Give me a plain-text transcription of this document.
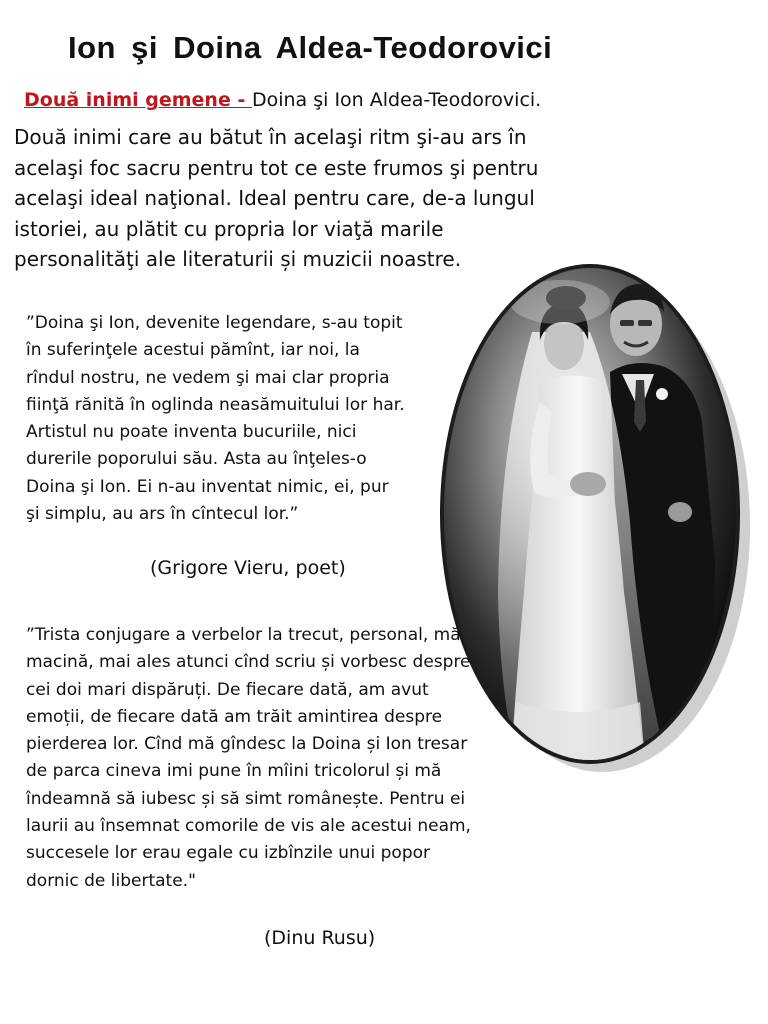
Ion şi Doina Aldea-Teodorovici

Două inimi gemene - Doina şi Ion Aldea-Teodorovici.

Două inimi care au bătut în acelaşi ritm şi-au ars în acelaşi foc sacru pentru tot ce este frumos şi pentru acelaşi ideal naţional. Ideal pentru care, de-a lungul istoriei, au plătit cu propria lor viaţă marile personalităţi ale literaturii și muzicii noastre.

”Doina şi Ion, devenite legendare, s-au topit în suferinţele acestui pămînt, iar noi, la rîndul nostru, ne vedem şi mai clar propria fiinţă rănită în oglinda neasămuitului lor har. Artistul nu poate inventa bucuriile, nici durerile poporului său. Asta au înţeles-o Doina şi Ion. Ei n-au inventat nimic, ei, pur şi simplu, au ars în cîntecul lor.”

(Grigore Vieru, poet)

”Trista conjugare a verbelor la trecut, personal, mă macină, mai ales atunci cînd scriu și vorbesc despre cei doi mari dispăruți. De fiecare dată, am avut emoții, de fiecare dată am trăit amintirea despre pierderea lor. Cînd mă gîndesc la Doina și Ion tresar de parca cineva imi pune în mîini tricolorul și mă îndeamnă să iubesc și să simt românește. Pentru ei laurii au însemnat comorile de vis ale acestui neam, succesele lor erau egale cu izbînzile unui popor dornic de libertate."

(Dinu Rusu)
